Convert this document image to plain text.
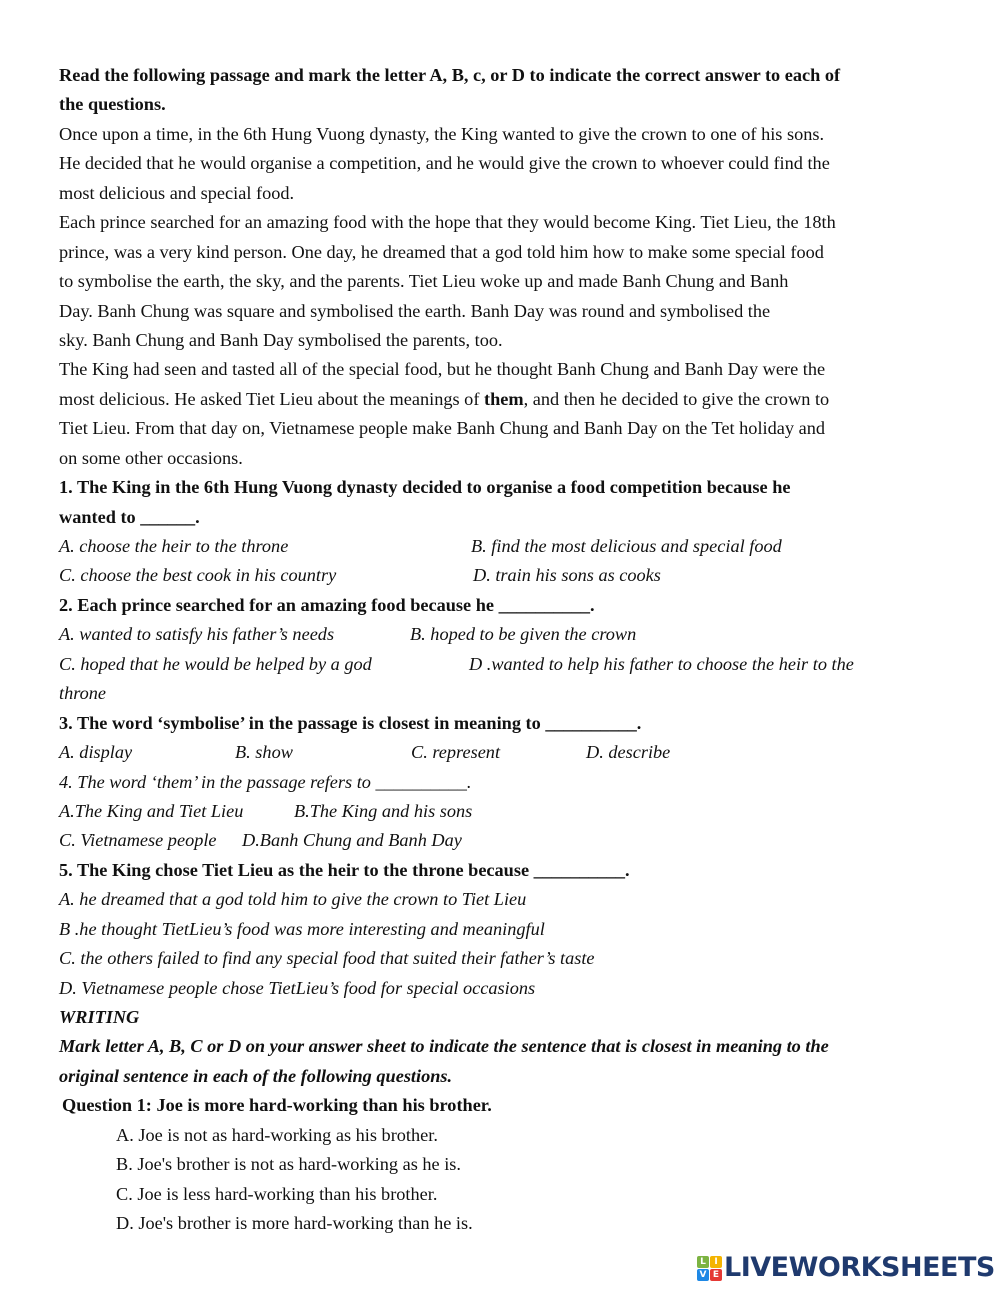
Read the following passage and mark the letter A, B, c, or D to indicate the correct answer to each of
the questions.
Once upon a time, in the 6th Hung Vuong dynasty, the King wanted to give the crown to one of his sons.
He decided that he would organise a competition, and he would give the crown to whoever could find the
most delicious and special food.
Each prince searched for an amazing food with the hope that they would become King. Tiet Lieu, the 18th
prince, was a very kind person. One day, he dreamed that a god told him how to make some special food
to symbolise the earth, the sky, and the parents. Tiet Lieu woke up and made Banh Chung and Banh
Day. Banh Chung was square and symbolised the earth. Banh Day was round and symbolised the
sky. Banh Chung and Banh Day symbolised the parents, too.
The King had seen and tasted all of the special food, but he thought Banh Chung and Banh Day were the
most delicious. He asked Tiet Lieu about the meanings of them, and then he decided to give the crown to
Tiet Lieu. From that day on, Vietnamese people make Banh Chung and Banh Day on the Tet holiday and
on some other occasions.
1. The King in the 6th Hung Vuong dynasty decided to organise a food competition because he
wanted to ______.
A. choose the heir to the throne	B. find the most delicious and special food
C. choose the best cook in his country	D. train his sons as cooks
2. Each prince searched for an amazing food because he __________.
A. wanted to satisfy his father’s needs	B. hoped to be given the crown
C. hoped that he would be helped by a god	D .wanted to help his father to choose the heir to the
throne
3. The word ‘symbolise’ in the passage is closest in meaning to __________.
A. display	B. show	C. represent	D. describe
4. The word ‘them’ in the passage refers to __________.
A.The King and Tiet Lieu	B.The King and his sons
C. Vietnamese people	D.Banh Chung and Banh Day
5. The King chose Tiet Lieu as the heir to the throne because __________.
A. he dreamed that a god told him to give the crown to Tiet Lieu
B .he thought TietLieu’s food was more interesting and meaningful
C. the others failed to find any special food that suited their father’s taste
D. Vietnamese people chose TietLieu’s food for special occasions
WRITING
Mark letter A, B, C or D on your answer sheet to indicate the sentence that is closest in meaning to the
original sentence in each of the following questions.
Question 1: Joe is more hard-working than his brother.
A. Joe is not as hard-working as his brother.
B. Joe's brother is not as hard-working as he is.
C. Joe is less hard-working than his brother.
D. Joe's brother is more hard-working than he is.
L I
V E LIVEWORKSHEETS
